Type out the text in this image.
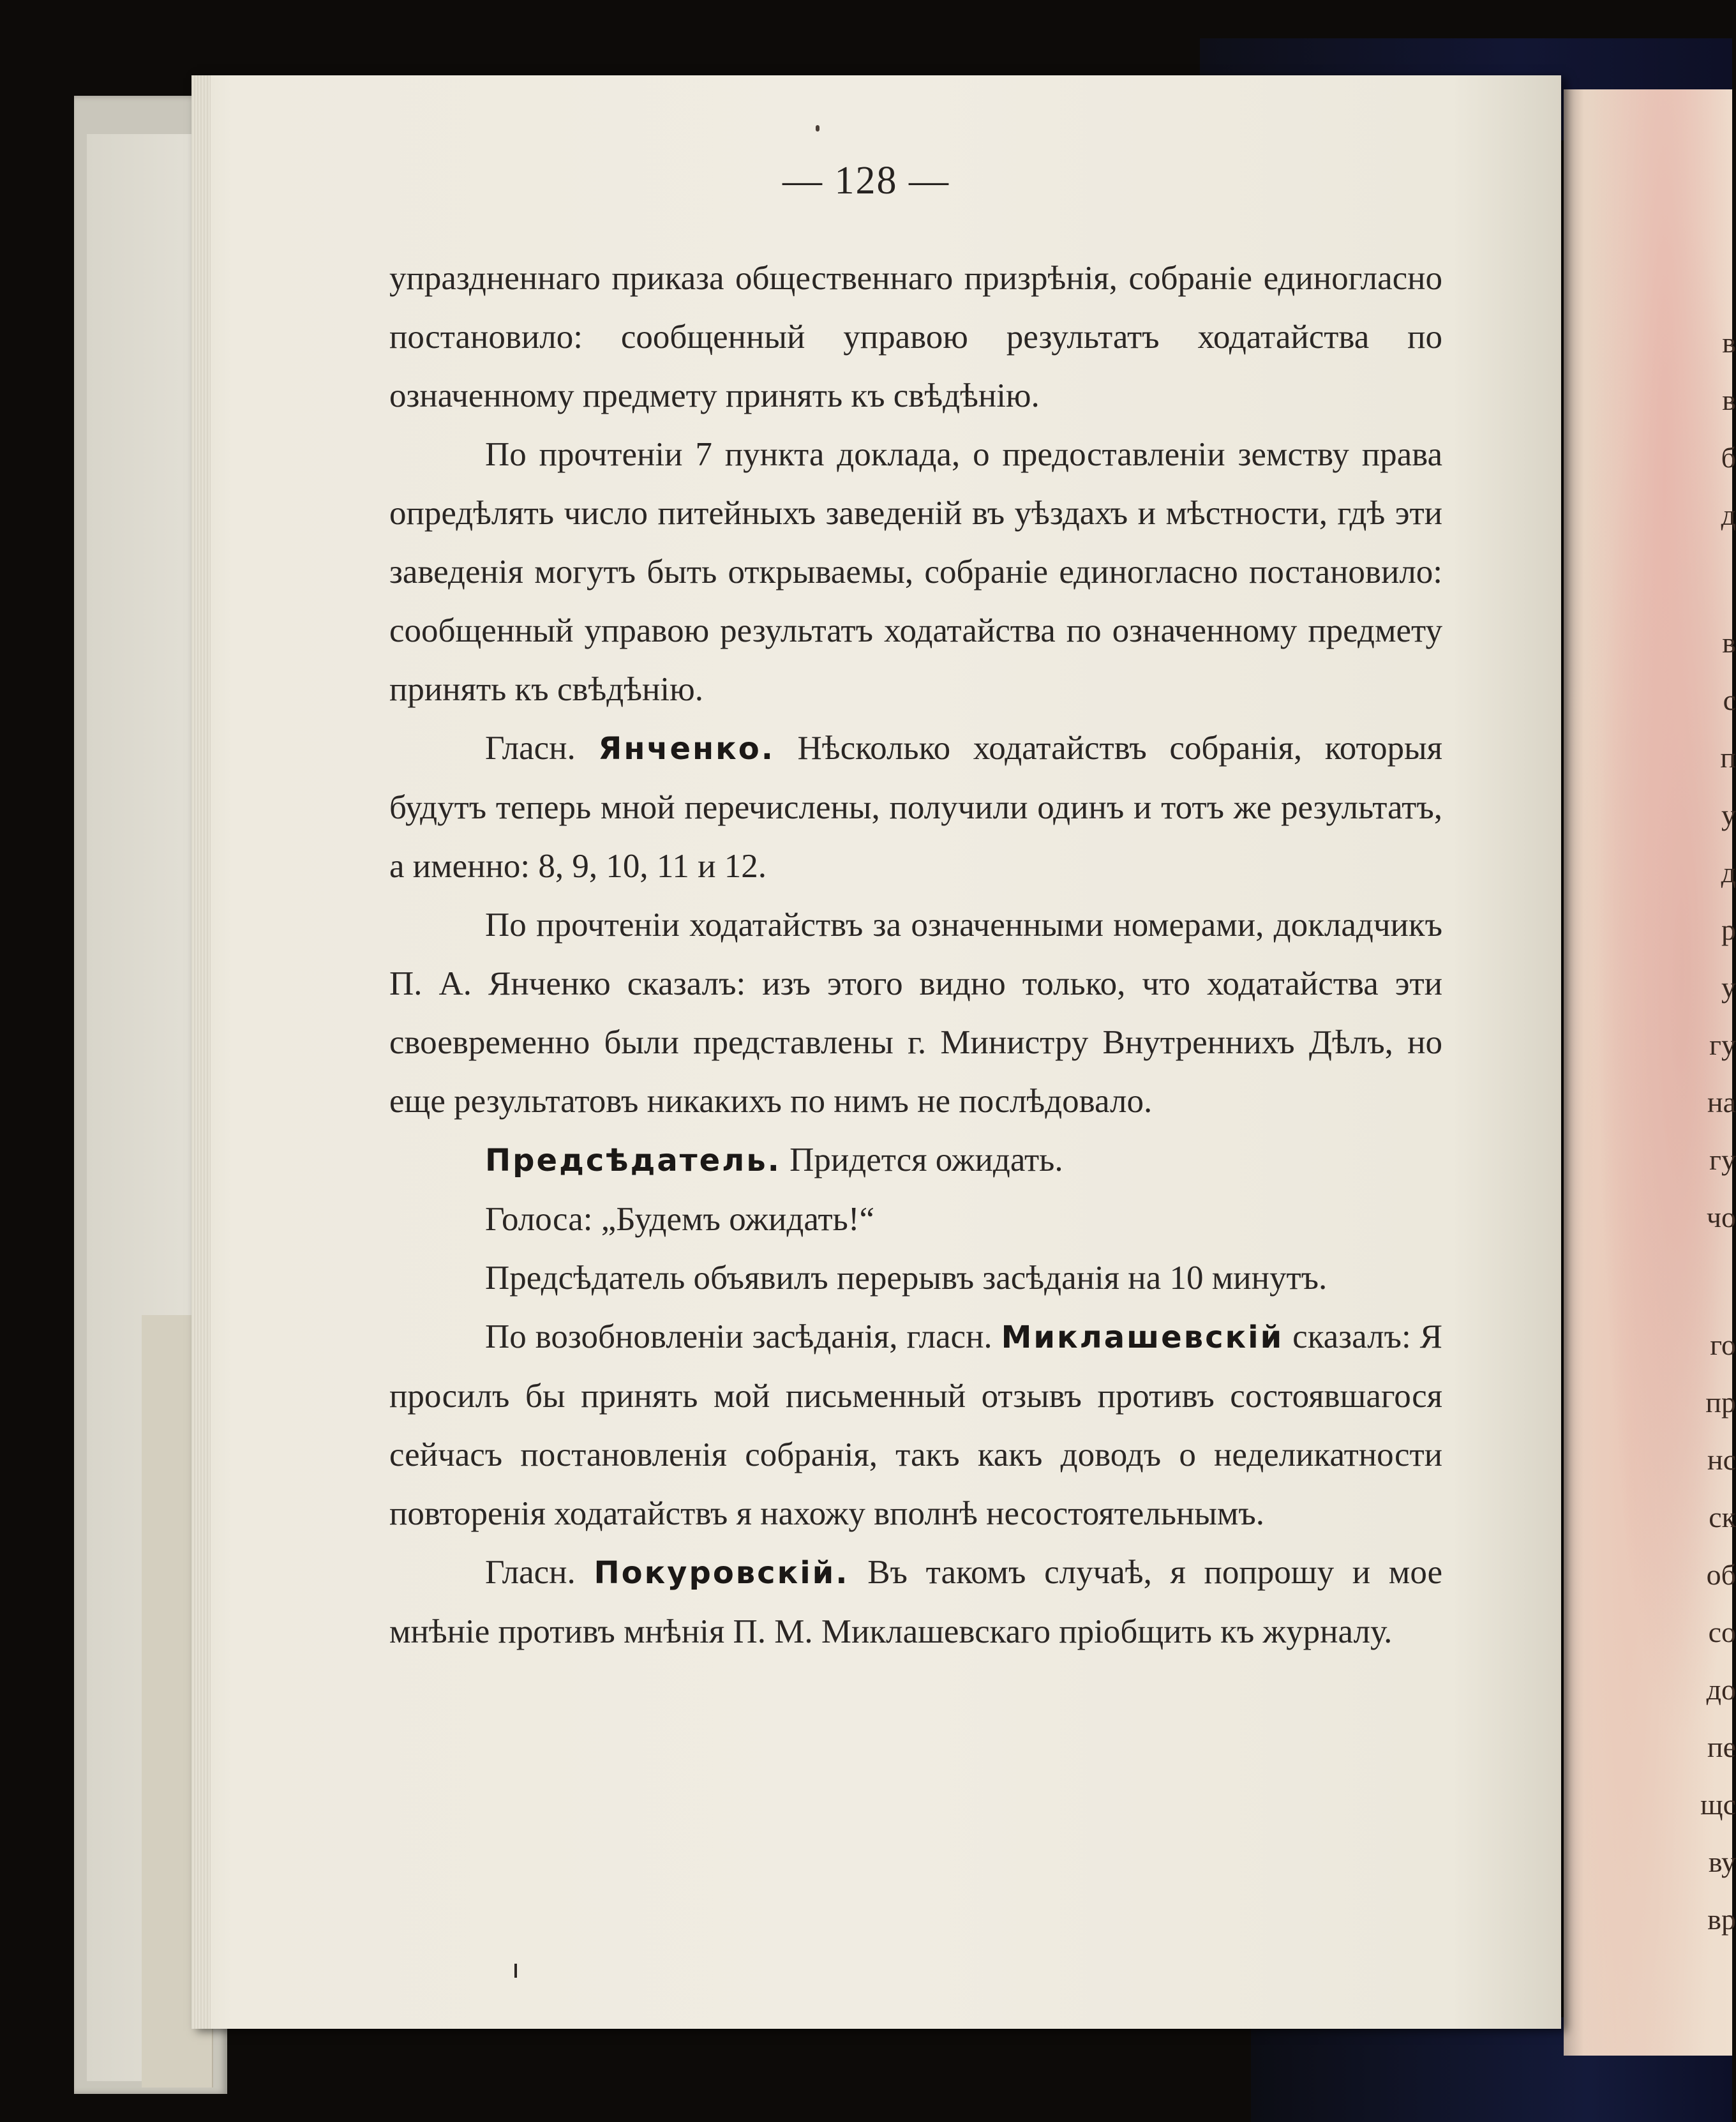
в
в
б
д
в
с
п
у
д
р
у
гу
на
гу
чо
го
пр
нс
ск
об
со
до
пе
щс
ву
вр
— 128 —

упраздненнаго приказа общественнаго призрѣнія, собраніе единогласно постановило: сообщенный управою результатъ ходатайства по означенному предмету принять къ свѣдѣнію.

По прочтеніи 7 пункта доклада, о предоставленіи земству права опредѣлять число питейныхъ заведеній въ уѣздахъ и мѣстности, гдѣ эти заведенія могутъ быть открываемы, собраніе единогласно постановило: сообщенный управою результатъ ходатайства по означенному предмету принять къ свѣдѣнію.

Гласн. Янченко. Нѣсколько ходатайствъ собранія, которыя будутъ теперь мной перечислены, получили одинъ и тотъ же результатъ, а именно: 8, 9, 10, 11 и 12.

По прочтеніи ходатайствъ за означенными номерами, докладчикъ П. А. Янченко сказалъ: изъ этого видно только, что ходатайства эти своевременно были представлены г. Министру Внутреннихъ Дѣлъ, но еще результатовъ никакихъ по нимъ не послѣдовало.

Предсѣдатель. Придется ожидать.

Голоса: „Будемъ ожидать!“

Предсѣдатель объявилъ перерывъ засѣданія на 10 минутъ.

По возобновленіи засѣданія, гласн. Миклашевскій сказалъ: Я просилъ бы принять мой письменный отзывъ противъ состоявшагося сейчасъ постановленія собранія, такъ какъ доводъ о неделикатности повторенія ходатайствъ я нахожу вполнѣ несостоятельнымъ.

Гласн. Покуровскій. Въ такомъ случаѣ, я попрошу и мое мнѣніе противъ мнѣнія П. М. Миклашевскаго пріобщить къ журналу.
